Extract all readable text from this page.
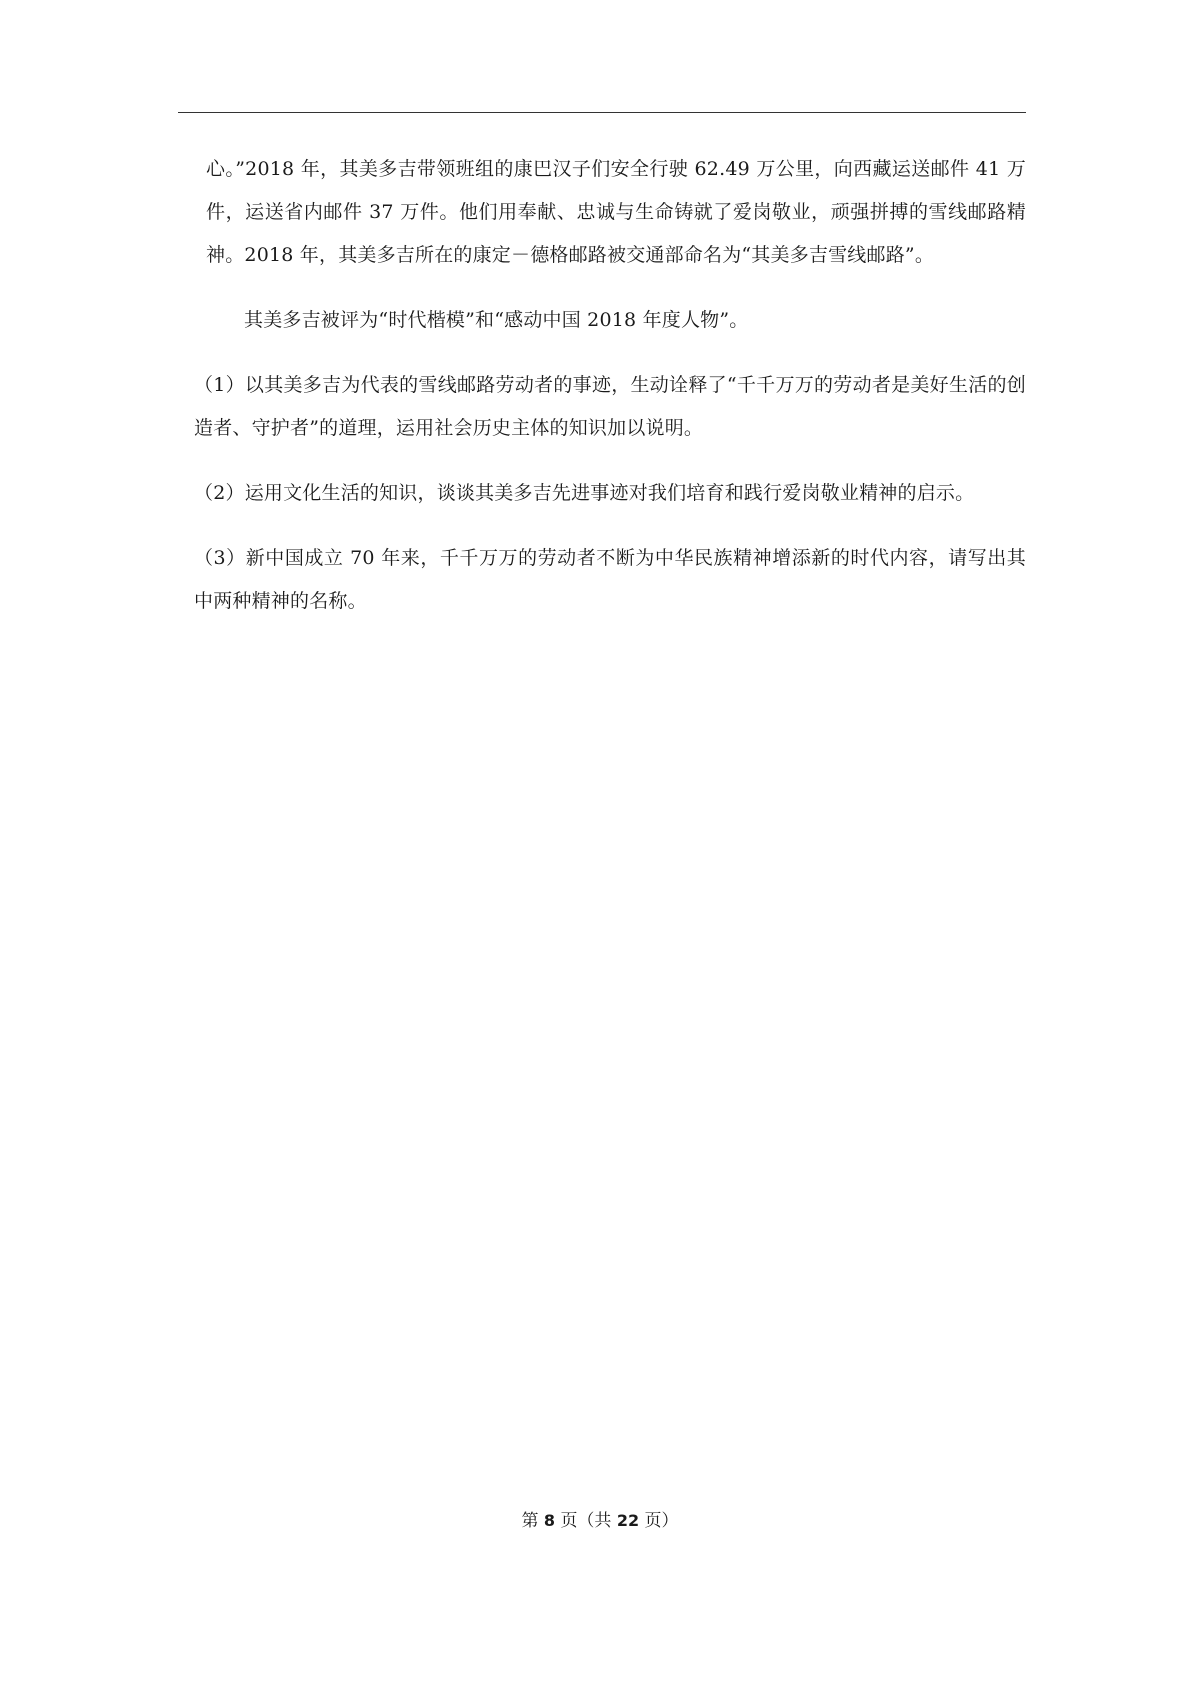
心。”2018 年，其美多吉带领班组的康巴汉子们安全行驶 62.49 万公里，向西藏运送邮件 41 万件，运送省内邮件 37 万件。他们用奉献、忠诚与生命铸就了爱岗敬业，顽强拼搏的雪线邮路精神。2018 年，其美多吉所在的康定－德格邮路被交通部命名为“其美多吉雪线邮路”。

其美多吉被评为“时代楷模”和“感动中国 2018 年度人物”。

（1）以其美多吉为代表的雪线邮路劳动者的事迹，生动诠释了“千千万万的劳动者是美好生活的创造者、守护者”的道理，运用社会历史主体的知识加以说明。

（2）运用文化生活的知识，谈谈其美多吉先进事迹对我们培育和践行爱岗敬业精神的启示。

（3）新中国成立 70 年来，千千万万的劳动者不断为中华民族精神增添新的时代内容，请写出其中两种精神的名称。

第 8 页（共 22 页）
